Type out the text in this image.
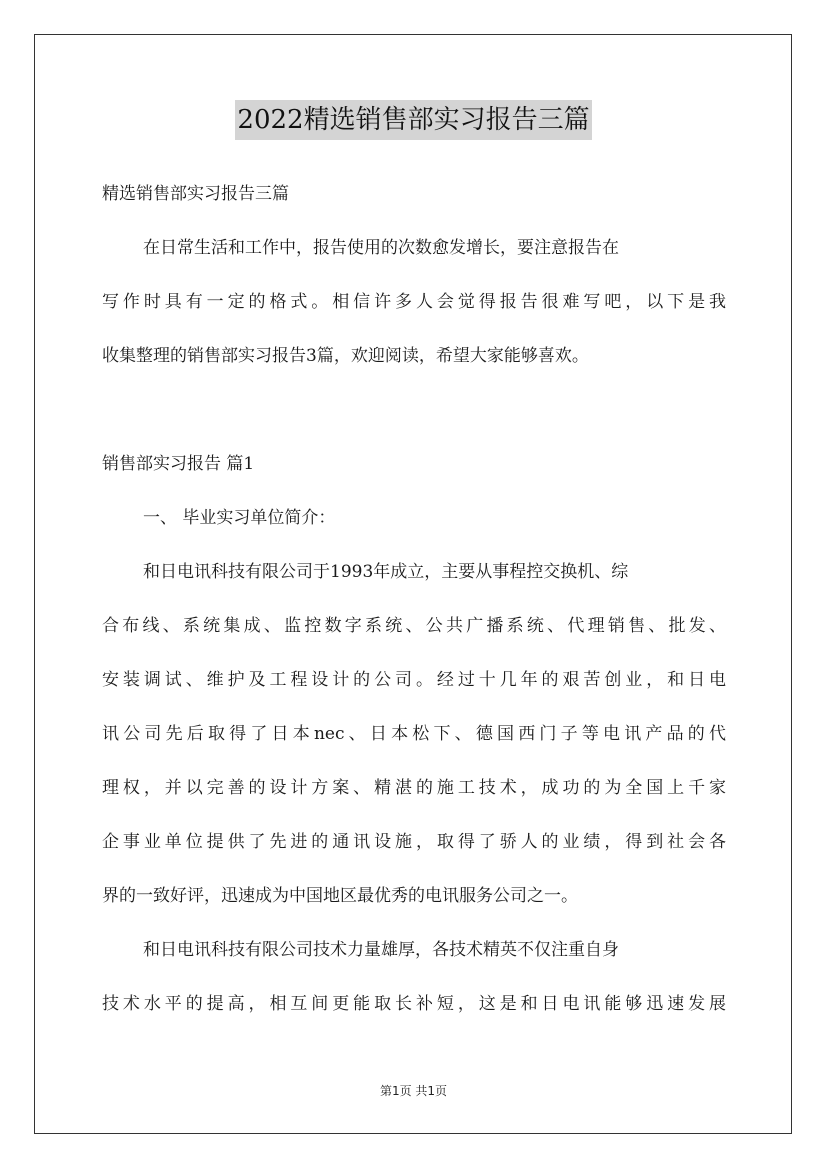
2022精选销售部实习报告三篇
精选销售部实习报告三篇
在日常生活和工作中，报告使用的次数愈发增长，要注意报告在
写作时具有一定的格式。相信许多人会觉得报告很难写吧，以下是我
收集整理的销售部实习报告3篇，欢迎阅读，希望大家能够喜欢。
销售部实习报告 篇1
一、 毕业实习单位简介：
和日电讯科技有限公司于1993年成立，主要从事程控交换机、综
合布线、系统集成、监控数字系统、公共广播系统、代理销售、批发、
安装调试、维护及工程设计的公司。经过十几年的艰苦创业，和日电
讯公司先后取得了日本nec、日本松下、德国西门子等电讯产品的代
理权，并以完善的设计方案、精湛的施工技术，成功的为全国上千家
企事业单位提供了先进的通讯设施，取得了骄人的业绩，得到社会各
界的一致好评，迅速成为中国地区最优秀的电讯服务公司之一。
和日电讯科技有限公司技术力量雄厚，各技术精英不仅注重自身
技术水平的提高，相互间更能取长补短，这是和日电讯能够迅速发展
第1页 共1页
